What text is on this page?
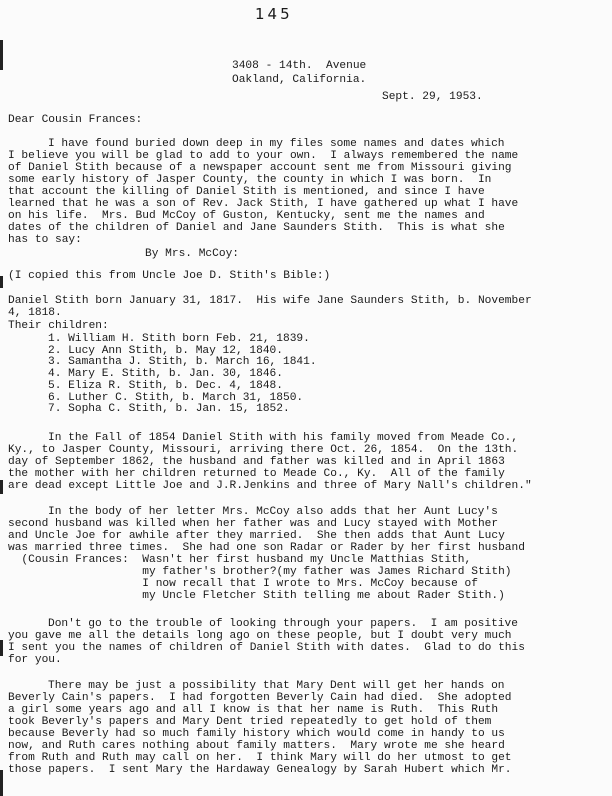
145
3408 - 14th.  Avenue
Oakland, California.
Sept. 29, 1953.
Dear Cousin Frances:
I have found buried down deep in my files some names and dates which
I believe you will be glad to add to your own.  I always remembered the name
of Daniel Stith because of a newspaper account sent me from Missouri giving
some early history of Jasper County, the county in which I was born.  In
that account the killing of Daniel Stith is mentioned, and since I have
learned that he was a son of Rev. Jack Stith, I have gathered up what I have
on his life.  Mrs. Bud McCoy of Guston, Kentucky, sent me the names and
dates of the children of Daniel and Jane Saunders Stith.  This is what she
has to say:
By Mrs. McCoy:
(I copied this from Uncle Joe D. Stith's Bible:)
Daniel Stith born January 31, 1817.  His wife Jane Saunders Stith, b. November
4, 1818.
Their children:
1. William H. Stith born Feb. 21, 1839.
2. Lucy Ann Stith, b. May 12, 1840.
3. Samantha J. Stith, b. March 16, 1841.
4. Mary E. Stith, b. Jan. 30, 1846.
5. Eliza R. Stith, b. Dec. 4, 1848.
6. Luther C. Stith, b. March 31, 1850.
7. Sopha C. Stith, b. Jan. 15, 1852.
In the Fall of 1854 Daniel Stith with his family moved from Meade Co.,
Ky., to Jasper County, Missouri, arriving there Oct. 26, 1854.  On the 13th.
day of September 1862, the husband and father was killed and in April 1863
the mother with her children returned to Meade Co., Ky.  All of the family
are dead except Little Joe and J.R.Jenkins and three of Mary Nall's children."
In the body of her letter Mrs. McCoy also adds that her Aunt Lucy's
second husband was killed when her father was and Lucy stayed with Mother
and Uncle Joe for awhile after they married.  She then adds that Aunt Lucy
was married three times.  She had one son Radar or Rader by her first husband
(Cousin Frances:  Wasn't her first husband my Uncle Matthias Stith,
my father's brother?(my father was James Richard Stith)
I now recall that I wrote to Mrs. McCoy because of
my Uncle Fletcher Stith telling me about Rader Stith.)
Don't go to the trouble of looking through your papers.  I am positive
you gave me all the details long ago on these people, but I doubt very much
I sent you the names of children of Daniel Stith with dates.  Glad to do this
for you.
There may be just a possibility that Mary Dent will get her hands on
Beverly Cain's papers.  I had forgotten Beverly Cain had died.  She adopted
a girl some years ago and all I know is that her name is Ruth.  This Ruth
took Beverly's papers and Mary Dent tried repeatedly to get hold of them
because Beverly had so much family history which would come in handy to us
now, and Ruth cares nothing about family matters.  Mary wrote me she heard
from Ruth and Ruth may call on her.  I think Mary will do her utmost to get
those papers.  I sent Mary the Hardaway Genealogy by Sarah Hubert which Mr.
